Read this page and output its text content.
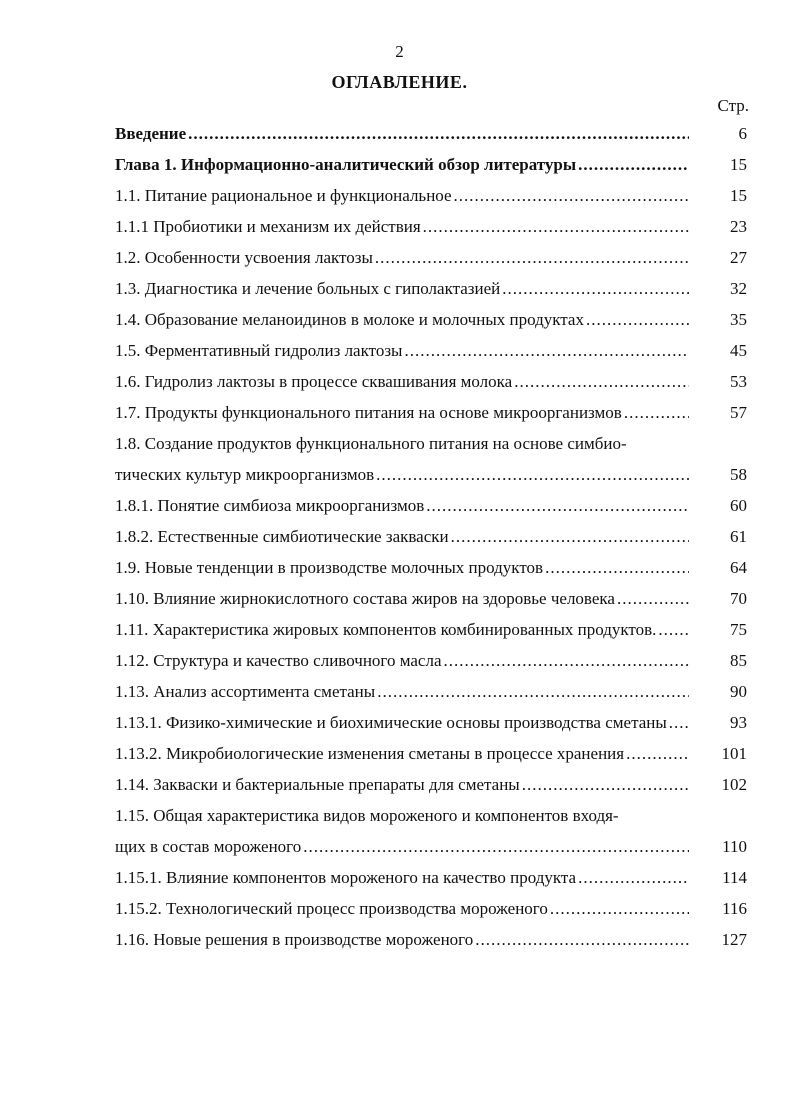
2
ОГЛАВЛЕНИЕ.
Стр.
Введение .....	6
Глава 1. Информационно-аналитический обзор литературы .....	15
1.1. Питание рациональное и функциональное .....	15
1.1.1 Пробиотики и механизм их действия .....	23
1.2. Особенности усвоения лактозы .....	27
1.3. Диагностика и лечение больных с гиполактазией .....	32
1.4. Образование меланоидинов в молоке и молочных продуктах .....	35
1.5. Ферментативный гидролиз лактозы .....	45
1.6. Гидролиз лактозы в процессе сквашивания молока .....	53
1.7. Продукты функционального питания на основе микроорганизмов .....	57
1.8. Создание продуктов функционального питания на основе симбио-
тических культур микроорганизмов .....	58
1.8.1. Понятие симбиоза микроорганизмов .....	60
1.8.2. Естественные симбиотические закваски .....	61
1.9. Новые тенденции в производстве молочных продуктов .....	64
1.10. Влияние жирнокислотного состава жиров на здоровье человека .....	70
1.11. Характеристика жировых компонентов комбинированных продуктов. .....	75
1.12. Структура и качество сливочного масла .....	85
1.13. Анализ ассортимента сметаны .....	90
1.13.1. Физико-химические и биохимические основы производства сметаны .....	93
1.13.2. Микробиологические изменения сметаны в процессе хранения .....	101
1.14. Закваски и бактериальные препараты для сметаны .....	102
1.15. Общая характеристика видов мороженого и компонентов входя-
щих в состав мороженого .....	110
1.15.1. Влияние компонентов мороженого на качество продукта .....	114
1.15.2. Технологический процесс производства мороженого .....	116
1.16. Новые решения в производстве мороженого .....	127
